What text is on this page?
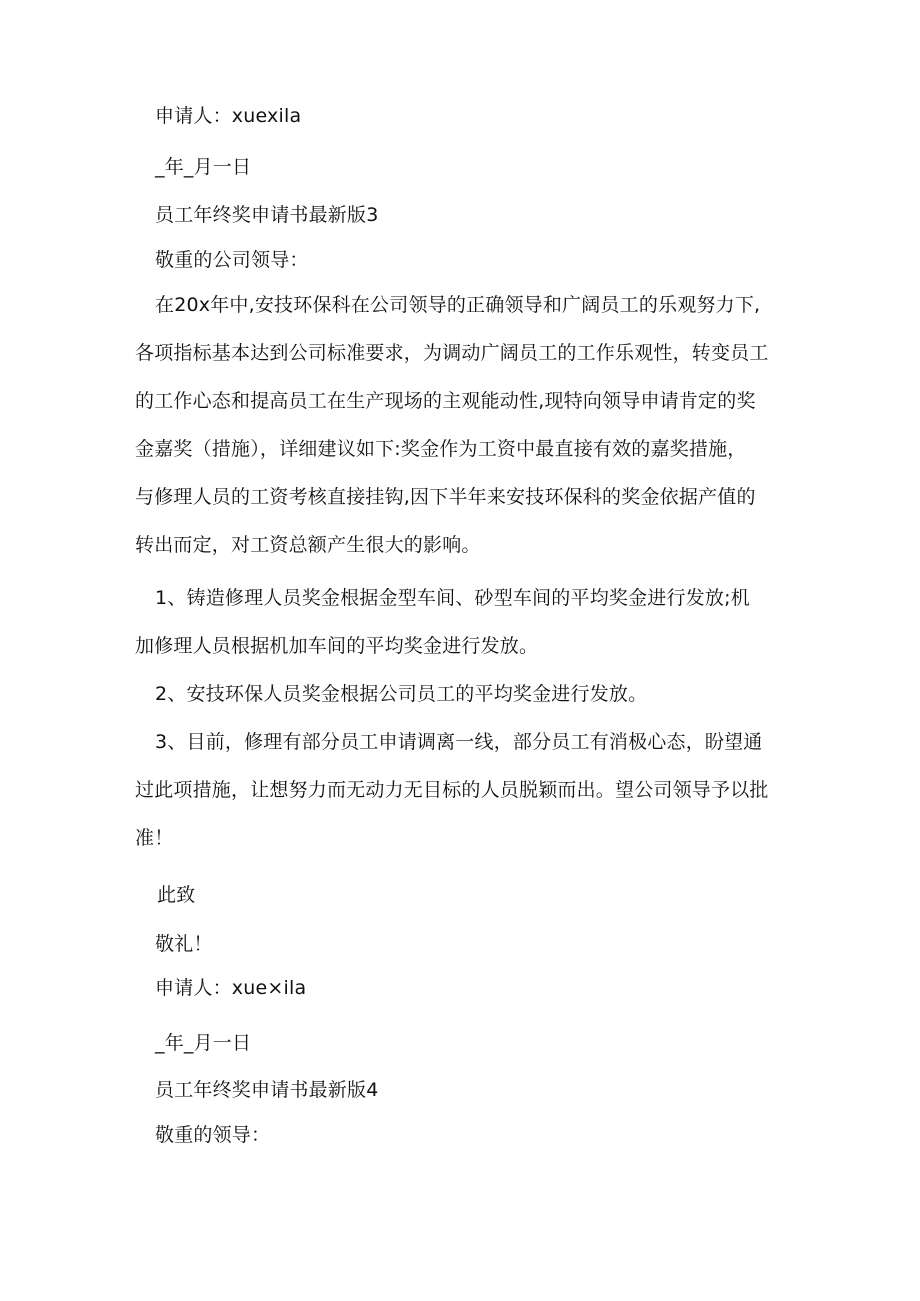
申请人：xuexila
_年_月一日
员工年终奖申请书最新版3
敬重的公司领导：
在20x年中,安技环保科在公司领导的正确领导和广阔员工的乐观努力下,
各项指标基本达到公司标准要求，为调动广阔员工的工作乐观性，转变员工
的工作心态和提高员工在生产现场的主观能动性,现特向领导申请肯定的奖
金嘉奖（措施），详细建议如下:奖金作为工资中最直接有效的嘉奖措施，
与修理人员的工资考核直接挂钩,因下半年来安技环保科的奖金依据产值的
转出而定，对工资总额产生很大的影响。
1、铸造修理人员奖金根据金型车间、砂型车间的平均奖金进行发放;机
加修理人员根据机加车间的平均奖金进行发放。
2、安技环保人员奖金根据公司员工的平均奖金进行发放。
3、目前，修理有部分员工申请调离一线，部分员工有消极心态，盼望通
过此项措施，让想努力而无动力无目标的人员脱颖而出。望公司领导予以批
准！
此致
敬礼！
申请人：xue×ila
_年_月一日
员工年终奖申请书最新版4
敬重的领导：
